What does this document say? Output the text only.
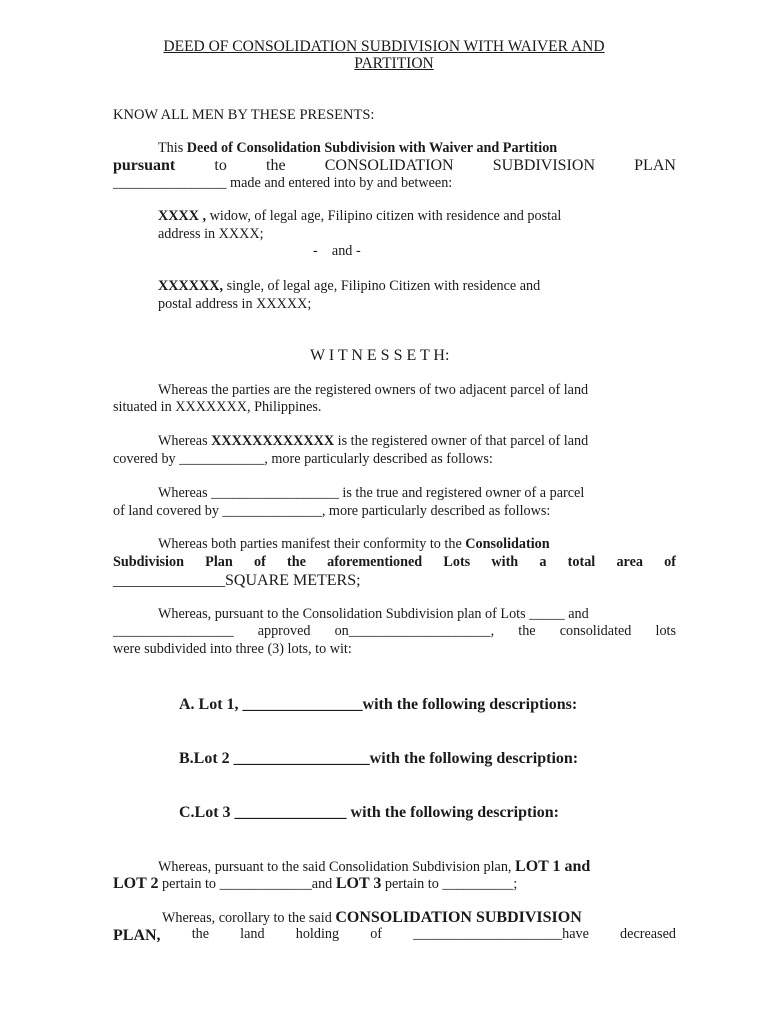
DEED OF CONSOLIDATION SUBDIVISION WITH WAIVER AND
PARTITION
KNOW ALL MEN BY THESE PRESENTS:
This Deed of Consolidation Subdivision with Waiver and Partition
pursuant to the CONSOLIDATION SUBDIVISION PLAN
________________ made and entered into by and between:
XXXX , widow, of legal age, Filipino citizen with residence and postal
address in XXXX;
-    and -
XXXXXX, single, of legal age, Filipino Citizen with residence and
postal address in XXXXX;
W I T N E S S E T H:
Whereas the parties are the registered owners of two adjacent parcel of land
situated in XXXXXXX, Philippines.
Whereas XXXXXXXXXXXX is the registered owner of that parcel of land
covered by ____________, more particularly described as follows:
Whereas __________________ is the true and registered owner of a parcel
of land covered by ______________, more particularly described as follows:
Whereas both parties manifest their conformity to the Consolidation
Subdivision Plan of the aforementioned Lots with a total area of
______________SQUARE METERS;
Whereas, pursuant to the Consolidation Subdivision plan of Lots _____ and
_________________ approved on____________________, the consolidated lots
were subdivided into three (3) lots, to wit:
A. Lot 1, _______________with the following descriptions:
B.Lot 2 _________________with the following description:
C.Lot 3 ______________ with the following description:
Whereas, pursuant to the said Consolidation Subdivision plan, LOT 1 and
LOT 2 pertain to _____________and LOT 3 pertain to __________;
Whereas, corollary to the said CONSOLIDATION SUBDIVISION
PLAN, the land holding of _____________________have decreased
